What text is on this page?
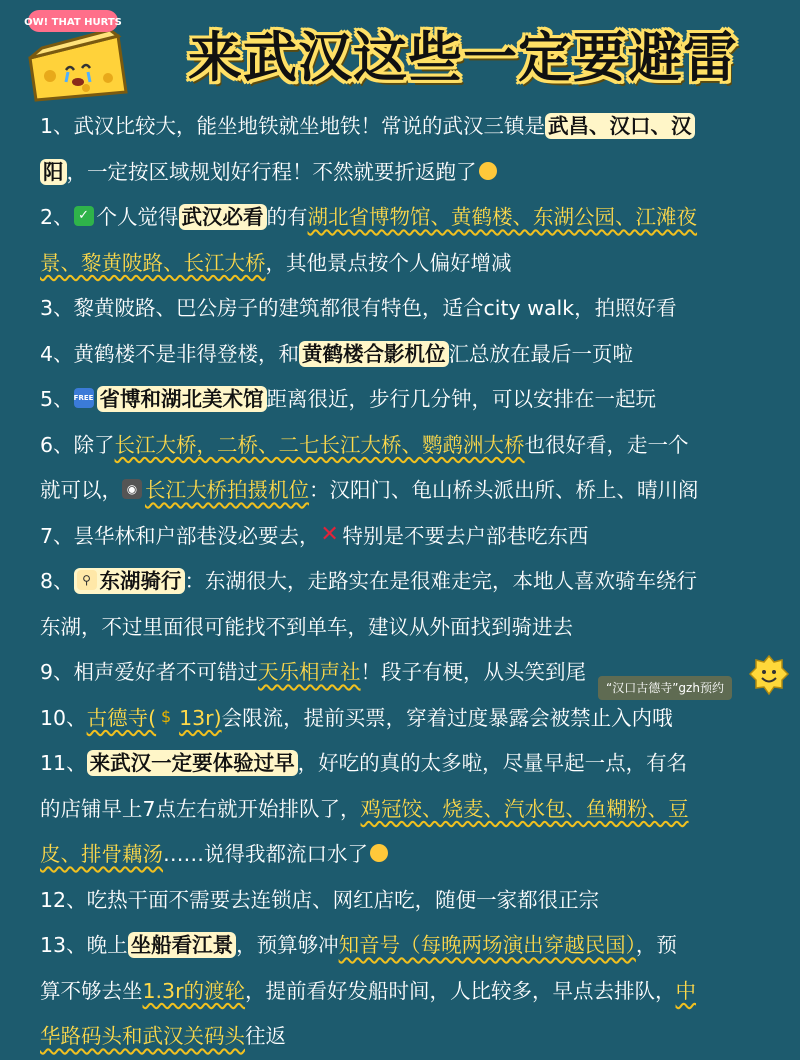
OW! THAT HURTS
来武汉这些一定要避雷
1、武汉比较大，能坐地铁就坐地铁！常说的武汉三镇是 武昌、汉口、汉
阳 ，一定按区域规划好行程！不然就要折返跑了
2、 ✓ 个人觉得 武汉必看 的有湖北省博物馆、黄鹤楼、东湖公园、江滩夜
景、黎黄陂路、长江大桥，其他景点按个人偏好增减
3、黎黄陂路、巴公房子的建筑都很有特色，适合city walk，拍照好看
4、黄鹤楼不是非得登楼，和 黄鹤楼合影机位 汇总放在最后一页啦
5、FREE 省博和湖北美术馆 距离很近，步行几分钟，可以安排在一起玩
6、除了长江大桥，二桥、二七长江大桥、鹦鹉洲大桥也很好看，走一个
就可以， ◉ 长江大桥拍摄机位：汉阳门、龟山桥头派出所、桥上、晴川阁
7、昙华林和户部巷没必要去，✕ 特别是不要去户部巷吃东西
8、 ⚲ 东湖骑行 ：东湖很大，走路实在是很难走完，本地人喜欢骑车绕行
东湖，不过里面很可能找不到单车，建议从外面找到骑进去
9、相声爱好者不可错过天乐相声社！段子有梗，从头笑到尾
10、古德寺( $ 13r)会限流，提前买票，穿着过度暴露会被禁止入内哦
11、 来武汉一定要体验过早 ，好吃的真的太多啦，尽量早起一点，有名
的店铺早上7点左右就开始排队了，鸡冠饺、烧麦、汽水包、鱼糊粉、豆
皮、排骨藕汤……说得我都流口水了
12、吃热干面不需要去连锁店、网红店吃，随便一家都很正宗
13、晚上 坐船看江景 ，预算够冲知音号（每晚两场演出穿越民国），预
算不够去坐1.3r的渡轮，提前看好发船时间，人比较多，早点去排队，中
华路码头和武汉关码头往返
“汉口古德寺”gzh预约
